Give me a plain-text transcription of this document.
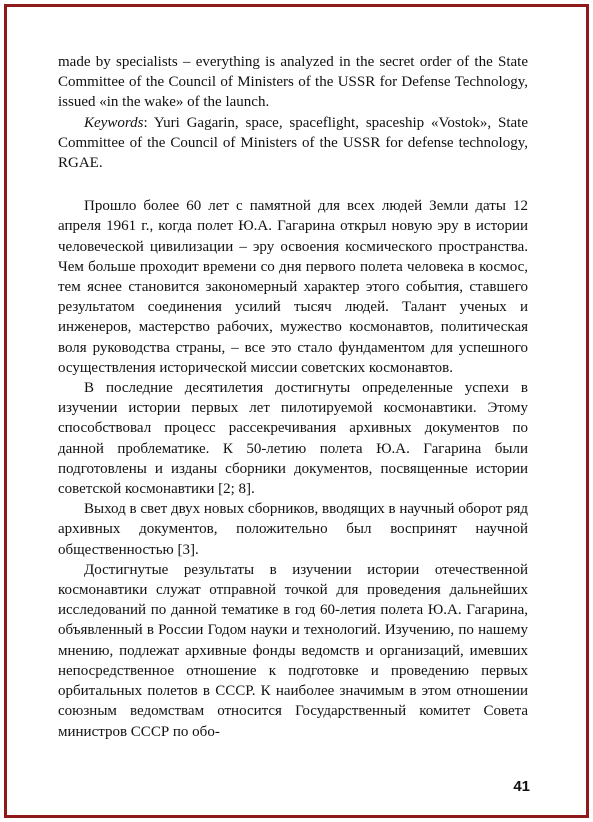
made by specialists – everything is analyzed in the secret order of the State Committee of the Council of Ministers of the USSR for Defense Technology, issued «in the wake» of the launch.

Keywords: Yuri Gagarin, space, spaceflight, spaceship «Vostok», State Committee of the Council of Ministers of the USSR for defense technology, RGAE.

Прошло более 60 лет с памятной для всех людей Земли даты 12 апреля 1961 г., когда полет Ю.А. Гагарина открыл новую эру в истории человеческой цивилизации – эру освоения космического пространства. Чем больше проходит времени со дня первого полета человека в космос, тем яснее становится закономерный характер этого события, ставшего результатом соединения усилий тысяч людей. Талант ученых и инженеров, мастерство рабочих, мужество космонавтов, политическая воля руководства страны, – все это стало фундаментом для успешного осуществления исторической миссии советских космонавтов.

В последние десятилетия достигнуты определенные успехи в изучении истории первых лет пилотируемой космонавтики. Этому способствовал процесс рассекречивания архивных документов по данной проблематике. К 50-летию полета Ю.А. Гагарина были подготовлены и изданы сборники документов, посвященные истории советской космонавтики [2; 8].

Выход в свет двух новых сборников, вводящих в научный оборот ряд архивных документов, положительно был воспринят научной общественностью [3].

Достигнутые результаты в изучении истории отечественной космонавтики служат отправной точкой для проведения дальнейших исследований по данной тематике в год 60-летия полета Ю.А. Гагарина, объявленный в России Годом науки и технологий. Изучению, по нашему мнению, подлежат архивные фонды ведомств и организаций, имевших непосредственное отношение к подготовке и проведению первых орбитальных полетов в СССР. К наиболее значимым в этом отношении союзным ведомствам относится Государственный комитет Совета министров СССР по обо-

41
